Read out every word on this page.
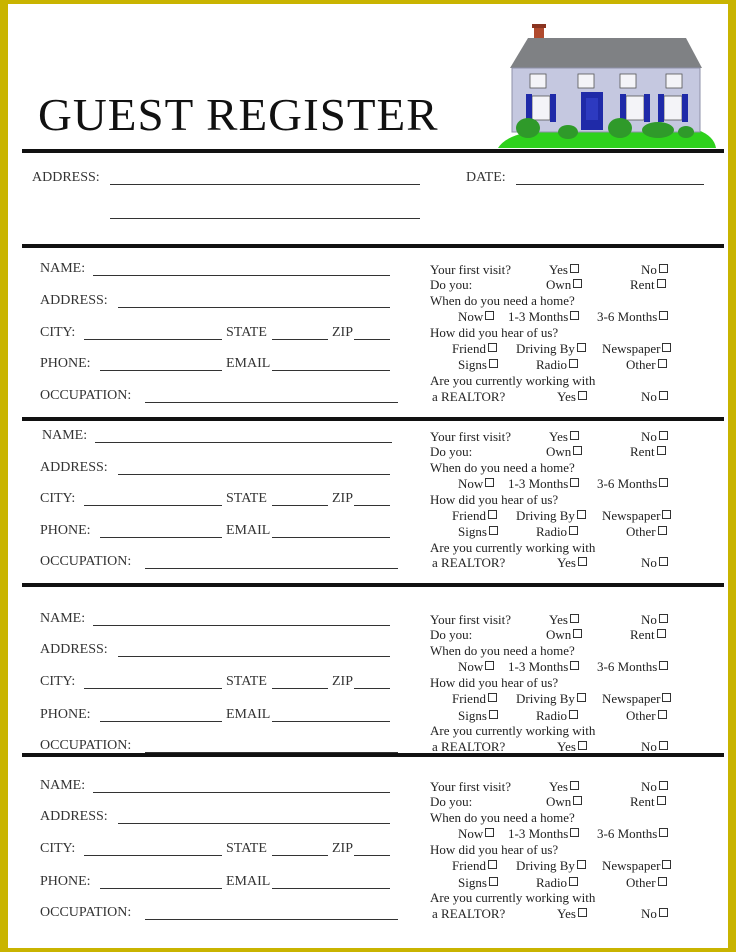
GUEST REGISTER
ADDRESS:	DATE:
NAME:
ADDRESS:
CITY:	STATE	ZIP
PHONE:	EMAIL
OCCUPATION:
Your first visit?	Yes	No
Do you:	Own	Rent
When do you need a home?
Now	1-3 Months	3-6 Months
How did you hear of us?
Friend	Driving By	Newspaper
Signs	Radio	Other
Are you currently working with
a REALTOR?	Yes	No
NAME:
ADDRESS:
CITY:	STATE	ZIP
PHONE:	EMAIL
OCCUPATION:
Your first visit?	Yes	No
Do you:	Own	Rent
When do you need a home?
Now	1-3 Months	3-6 Months
How did you hear of us?
Friend	Driving By	Newspaper
Signs	Radio	Other
Are you currently working with
a REALTOR?	Yes	No
NAME:
ADDRESS:
CITY:	STATE	ZIP
PHONE:	EMAIL
OCCUPATION:
Your first visit?	Yes	No
Do you:	Own	Rent
When do you need a home?
Now	1-3 Months	3-6 Months
How did you hear of us?
Friend	Driving By	Newspaper
Signs	Radio	Other
Are you currently working with
a REALTOR?	Yes	No
NAME:
ADDRESS:
CITY:	STATE	ZIP
PHONE:	EMAIL
OCCUPATION:
Your first visit?	Yes	No
Do you:	Own	Rent
When do you need a home?
Now	1-3 Months	3-6 Months
How did you hear of us?
Friend	Driving By	Newspaper
Signs	Radio	Other
Are you currently working with
a REALTOR?	Yes	No
